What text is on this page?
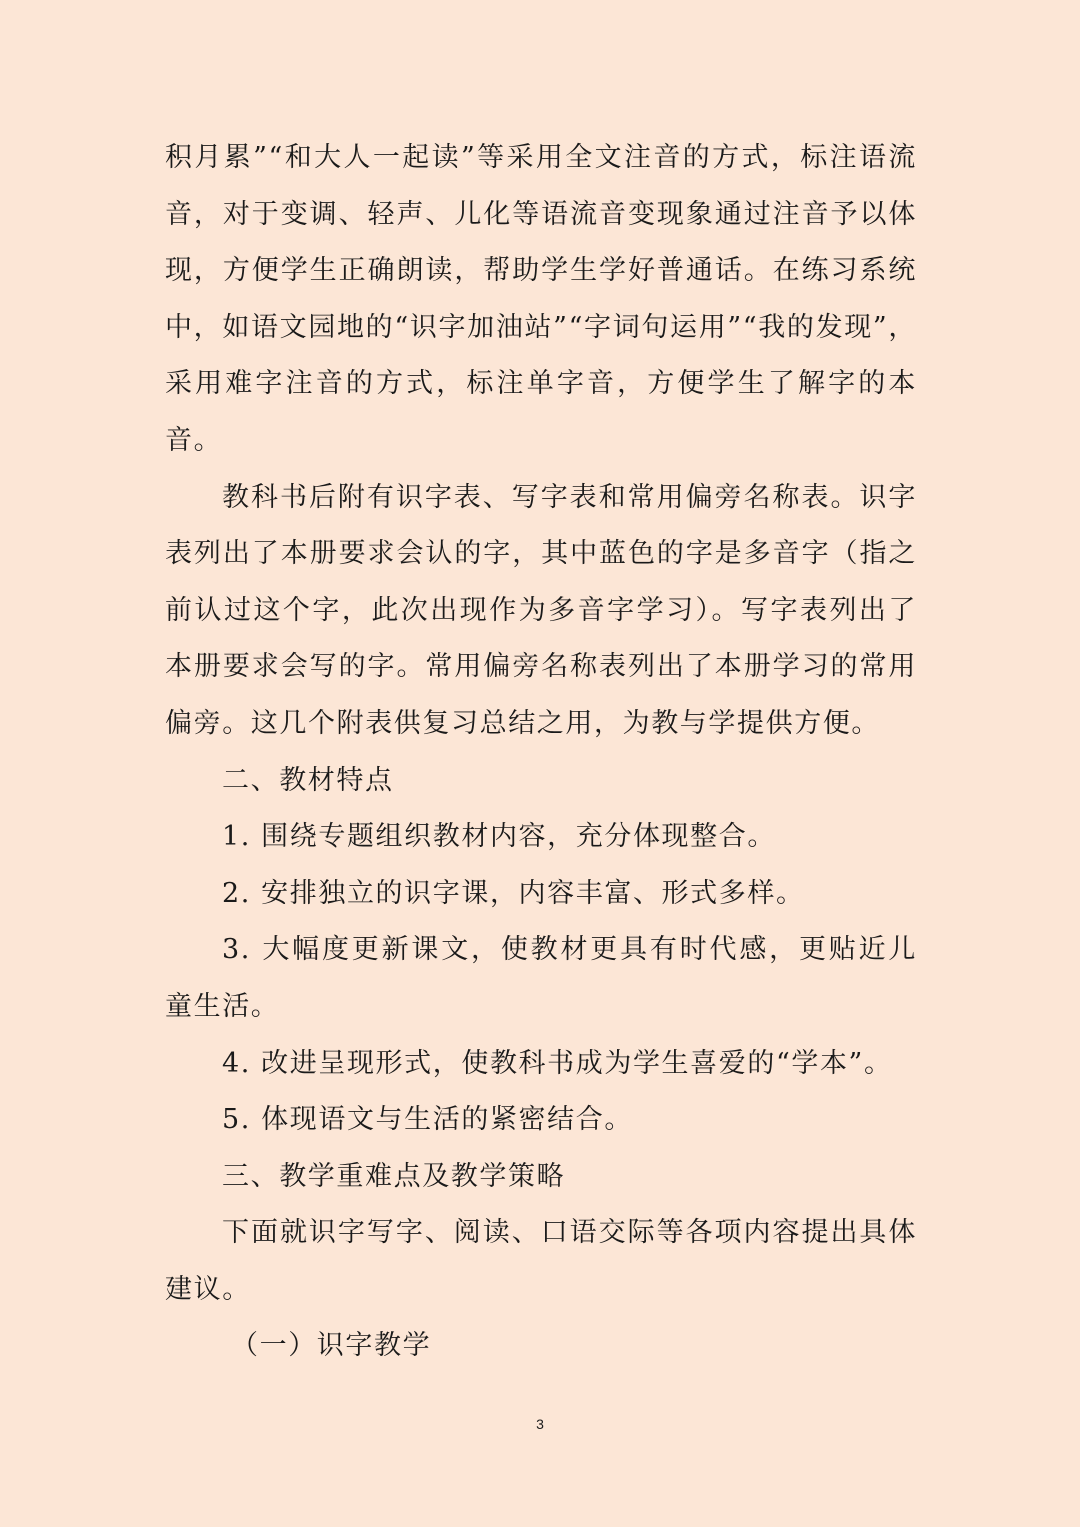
积月累”“和大人一起读”等采用全文注音的方式，标注语流音，对于变调、轻声、儿化等语流音变现象通过注音予以体现，方便学生正确朗读，帮助学生学好普通话。在练习系统中，如语文园地的“识字加油站”“字词句运用”“我的发现”，采用难字注音的方式，标注单字音，方便学生了解字的本音。

教科书后附有识字表、写字表和常用偏旁名称表。识字表列出了本册要求会认的字，其中蓝色的字是多音字（指之前认过这个字，此次出现作为多音字学习）。写字表列出了本册要求会写的字。常用偏旁名称表列出了本册学习的常用偏旁。这几个附表供复习总结之用，为教与学提供方便。

二、教材特点

1. 围绕专题组织教材内容，充分体现整合。

2. 安排独立的识字课，内容丰富、形式多样。

3. 大幅度更新课文，使教材更具有时代感，更贴近儿童生活。

4. 改进呈现形式，使教科书成为学生喜爱的“学本”。

5. 体现语文与生活的紧密结合。

三、教学重难点及教学策略

下面就识字写字、阅读、口语交际等各项内容提出具体建议。

（一）识字教学

3
